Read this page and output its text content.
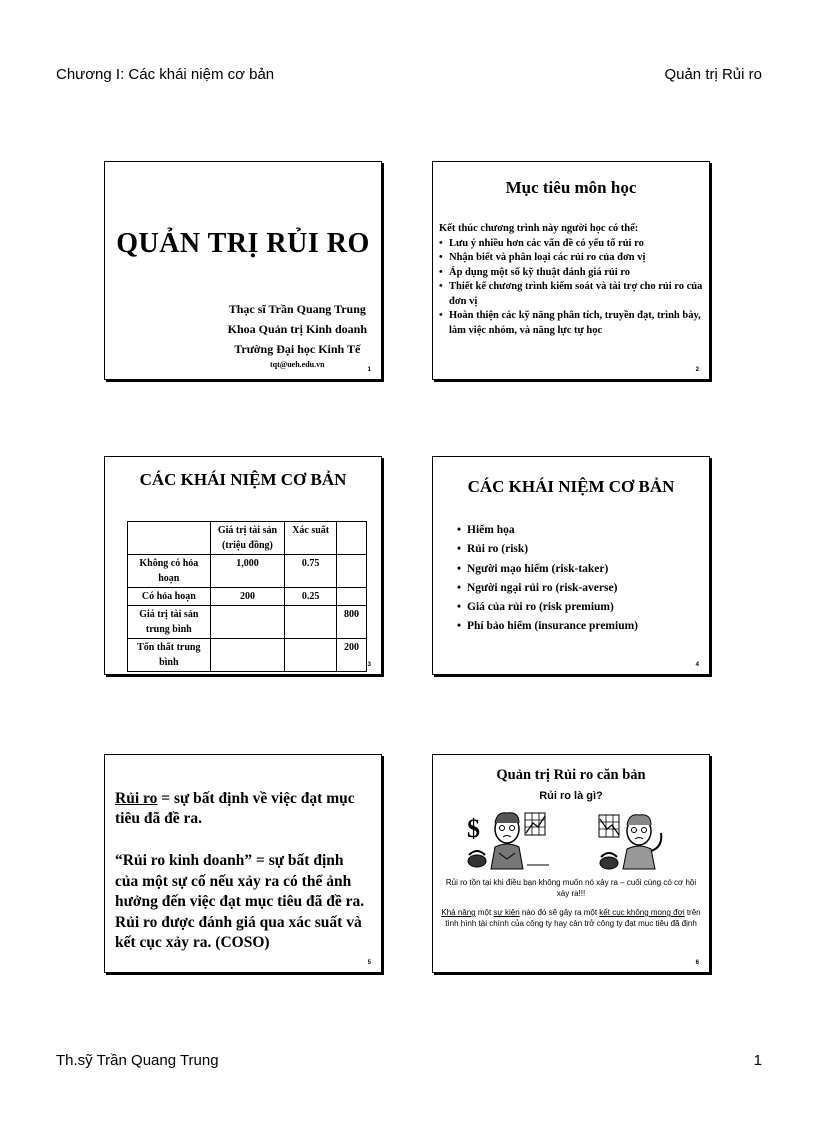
Chương I: Các khái niệm cơ bản	Quản trị Rủi ro
QUẢN TRỊ RỦI RO
Thạc sĩ Trần Quang Trung
Khoa Quản trị Kinh doanh
Trường Đại học Kinh Tế
tqt@ueh.edu.vn
1
Mục tiêu môn học
Kết thúc chương trình này người học có thể:
• Lưu ý nhiều hơn các vấn đề có yếu tố rủi ro
• Nhận biết và phân loại các rủi ro của đơn vị
• Áp dụng một số kỹ thuật đánh giá rủi ro
• Thiết kế chương trình kiểm soát và tài trợ cho rủi ro của đơn vị
• Hoàn thiện các kỹ năng phân tích, truyền đạt, trình bày, làm việc nhóm, và năng lực tự học
2
CÁC KHÁI NIỆM CƠ BẢN
	Giá trị tài sản (triệu đồng)	Xác suất	
Không có hỏa hoạn	1,000	0.75	
Có hỏa hoạn	200	0.25	
Giá trị tài sản trung bình			800
Tổn thất trung bình			200
3
CÁC KHÁI NIỆM CƠ BẢN
• Hiểm họa
• Rủi ro (risk)
• Người mạo hiểm (risk-taker)
• Người ngại rủi ro (risk-averse)
• Giá của rủi ro (risk premium)
• Phí bảo hiểm (insurance premium)
4
Rủi ro = sự bất định về việc đạt mục tiêu đã đề ra.
“Rủi ro kinh doanh” = sự bất định của một sự cố nếu xảy ra có thể ảnh hưởng đến việc đạt mục tiêu đã đề ra. Rủi ro được đánh giá qua xác suất và kết cục xảy ra. (COSO)
5
Quản trị Rủi ro căn bản
Rủi ro là gì?
$
Rủi ro tồn tại khi điều bạn không muốn nó xảy ra – cuối cùng có cơ hội xảy ra!!!
Khả năng một sự kiện nào đó sẽ gây ra một kết cục không mong đợi trên tình hình tài chính của công ty hay cản trở công ty đạt mục tiêu đã định
6
Th.sỹ Trần Quang Trung	1
